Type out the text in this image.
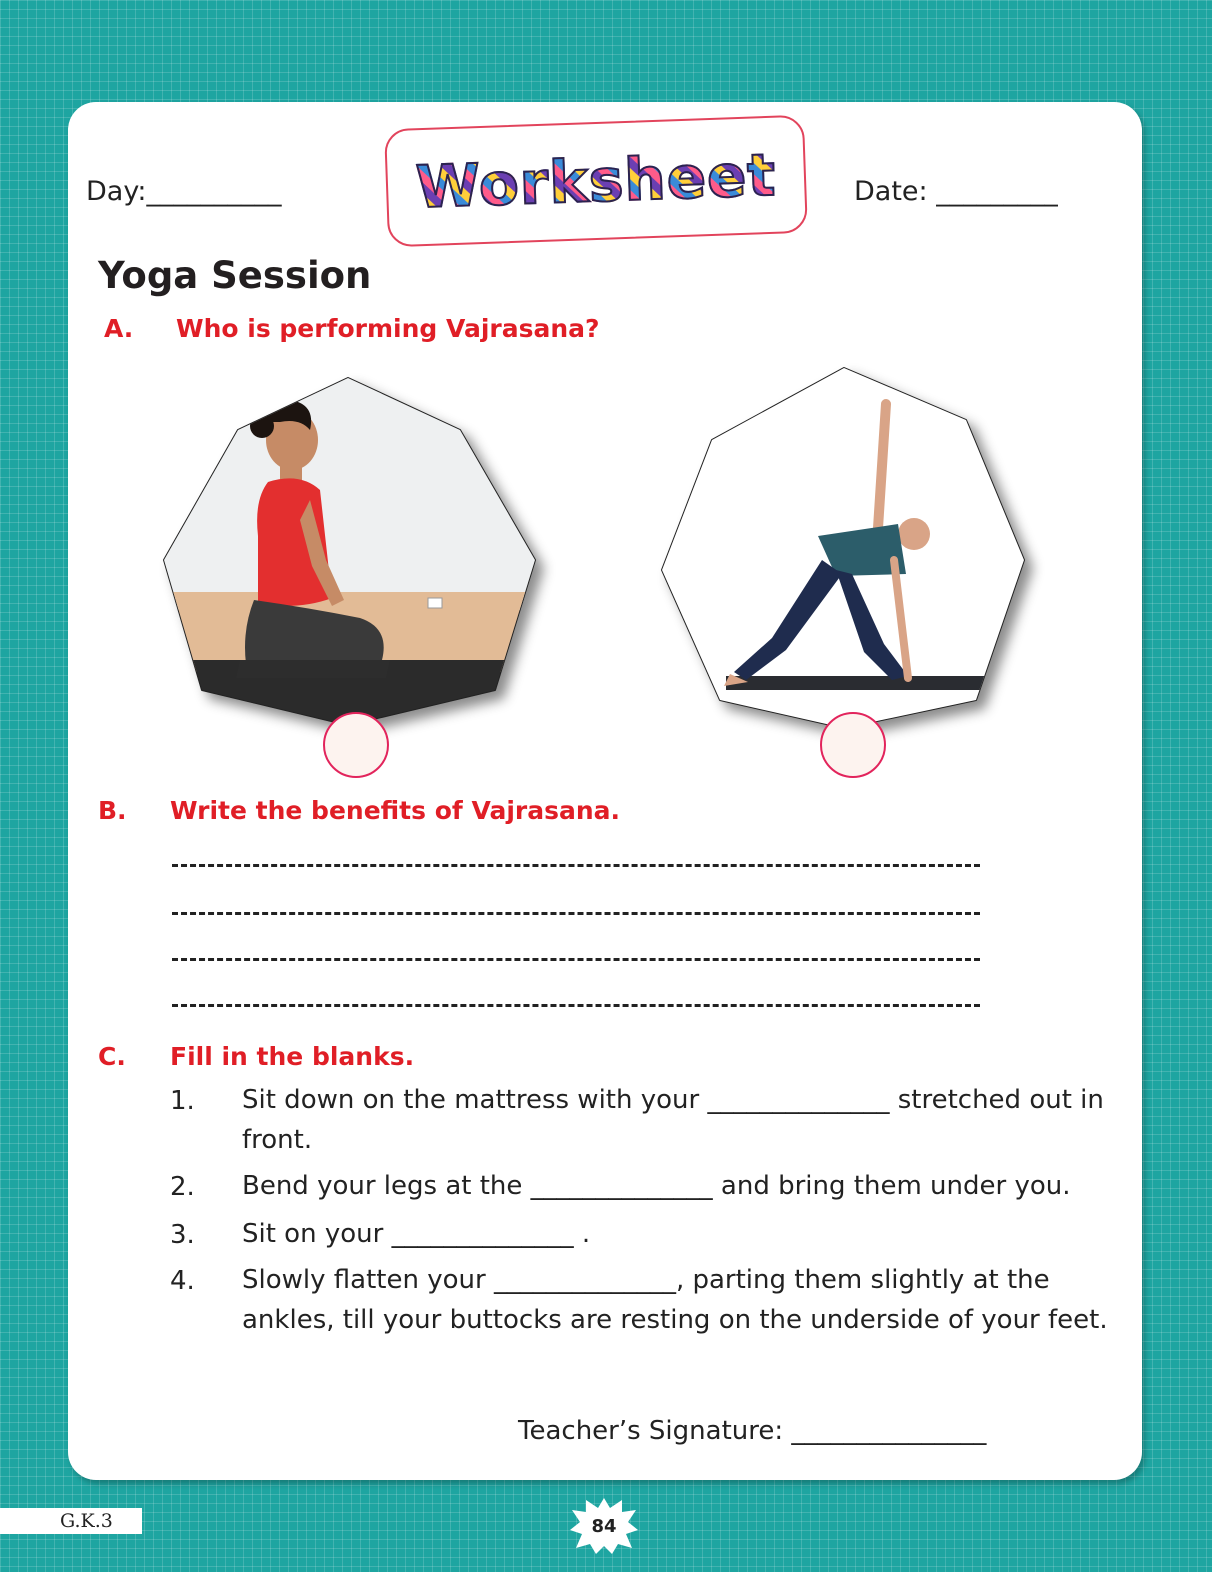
Day:__________ Worksheet	Date: _________
Yoga Session
A. Who is performing Vajrasana?
B. Write the benefits of Vajrasana.
C. Fill in the blanks.
1. Sit down on the mattress with your ______________ stretched out in front.
2. Bend your legs at the ______________ and bring them under you.
3. Sit on your ______________ .
4. Slowly flatten your ______________, parting them slightly at the ankles, till your buttocks are resting on the underside of your feet.
Teacher’s Signature: _______________
G.K.3	84
